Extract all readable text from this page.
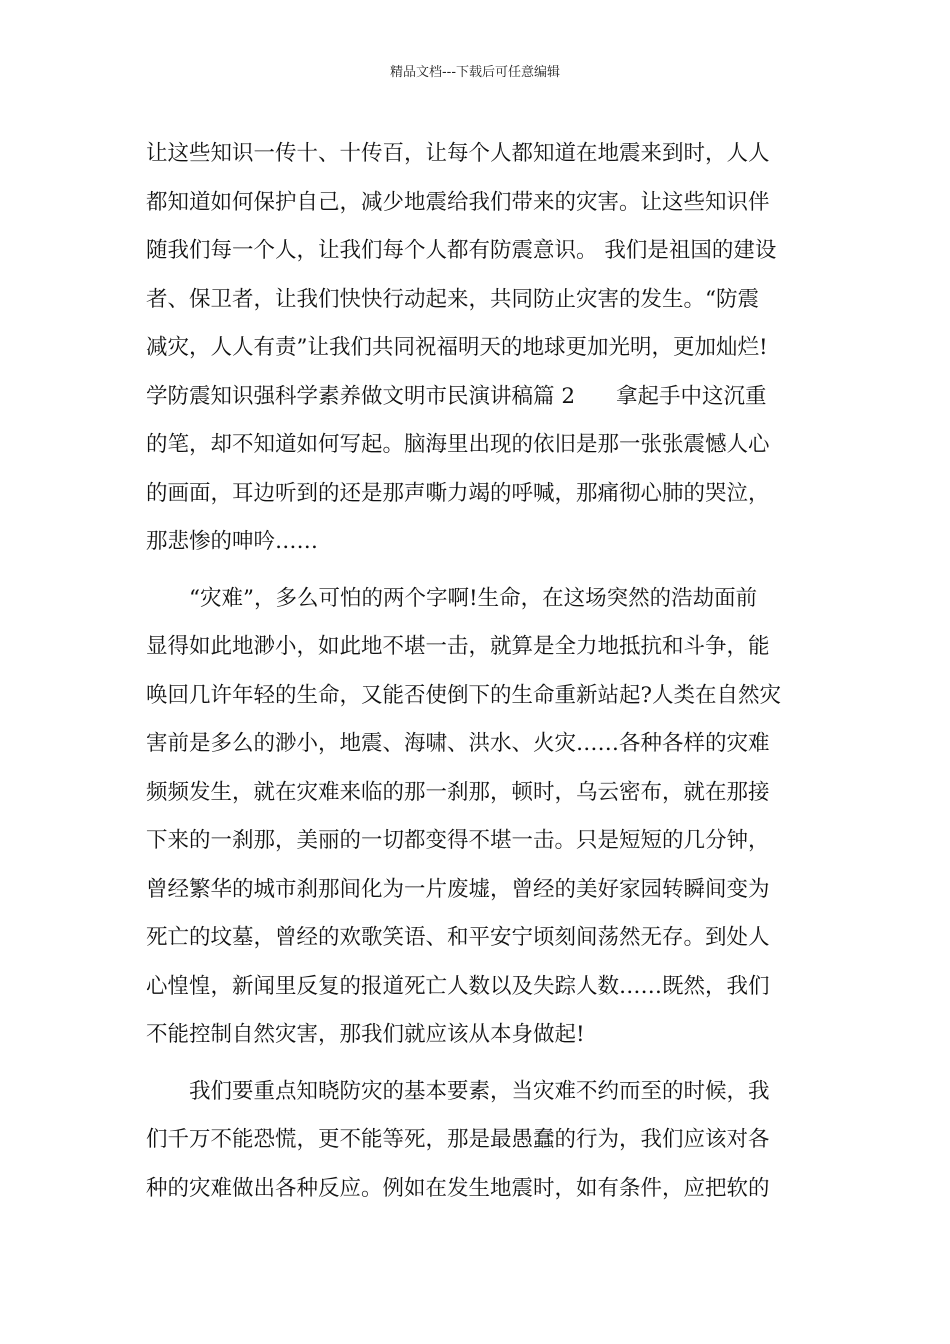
精品文档---下载后可任意编辑
让这些知识一传十、十传百，让每个人都知道在地震来到时，人人
都知道如何保护自己，减少地震给我们带来的灾害。让这些知识伴
随我们每一个人，让我们每个人都有防震意识。 我们是祖国的建设
者、保卫者，让我们快快行动起来，共同防止灾害的发生。“防震
减灾，人人有责”让我们共同祝福明天的地球更加光明，更加灿烂!
学防震知识强科学素养做文明市民演讲稿篇 2      拿起手中这沉重
的笔，却不知道如何写起。脑海里出现的依旧是那一张张震憾人心
的画面，耳边听到的还是那声嘶力竭的呼喊，那痛彻心肺的哭泣，
那悲惨的呻吟……
“灾难”，多么可怕的两个字啊!生命，在这场突然的浩劫面前
显得如此地渺小，如此地不堪一击，就算是全力地抵抗和斗争，能
唤回几许年轻的生命，又能否使倒下的生命重新站起?人类在自然灾
害前是多么的渺小，地震、海啸、洪水、火灾……各种各样的灾难
频频发生，就在灾难来临的那一刹那，顿时，乌云密布，就在那接
下来的一刹那，美丽的一切都变得不堪一击。只是短短的几分钟，
曾经繁华的城市刹那间化为一片废墟，曾经的美好家园转瞬间变为
死亡的坟墓，曾经的欢歌笑语、和平安宁顷刻间荡然无存。到处人
心惶惶，新闻里反复的报道死亡人数以及失踪人数……既然，我们
不能控制自然灾害，那我们就应该从本身做起!
我们要重点知晓防灾的基本要素，当灾难不约而至的时候，我
们千万不能恐慌，更不能等死，那是最愚蠢的行为，我们应该对各
种的灾难做出各种反应。例如在发生地震时，如有条件，应把软的
